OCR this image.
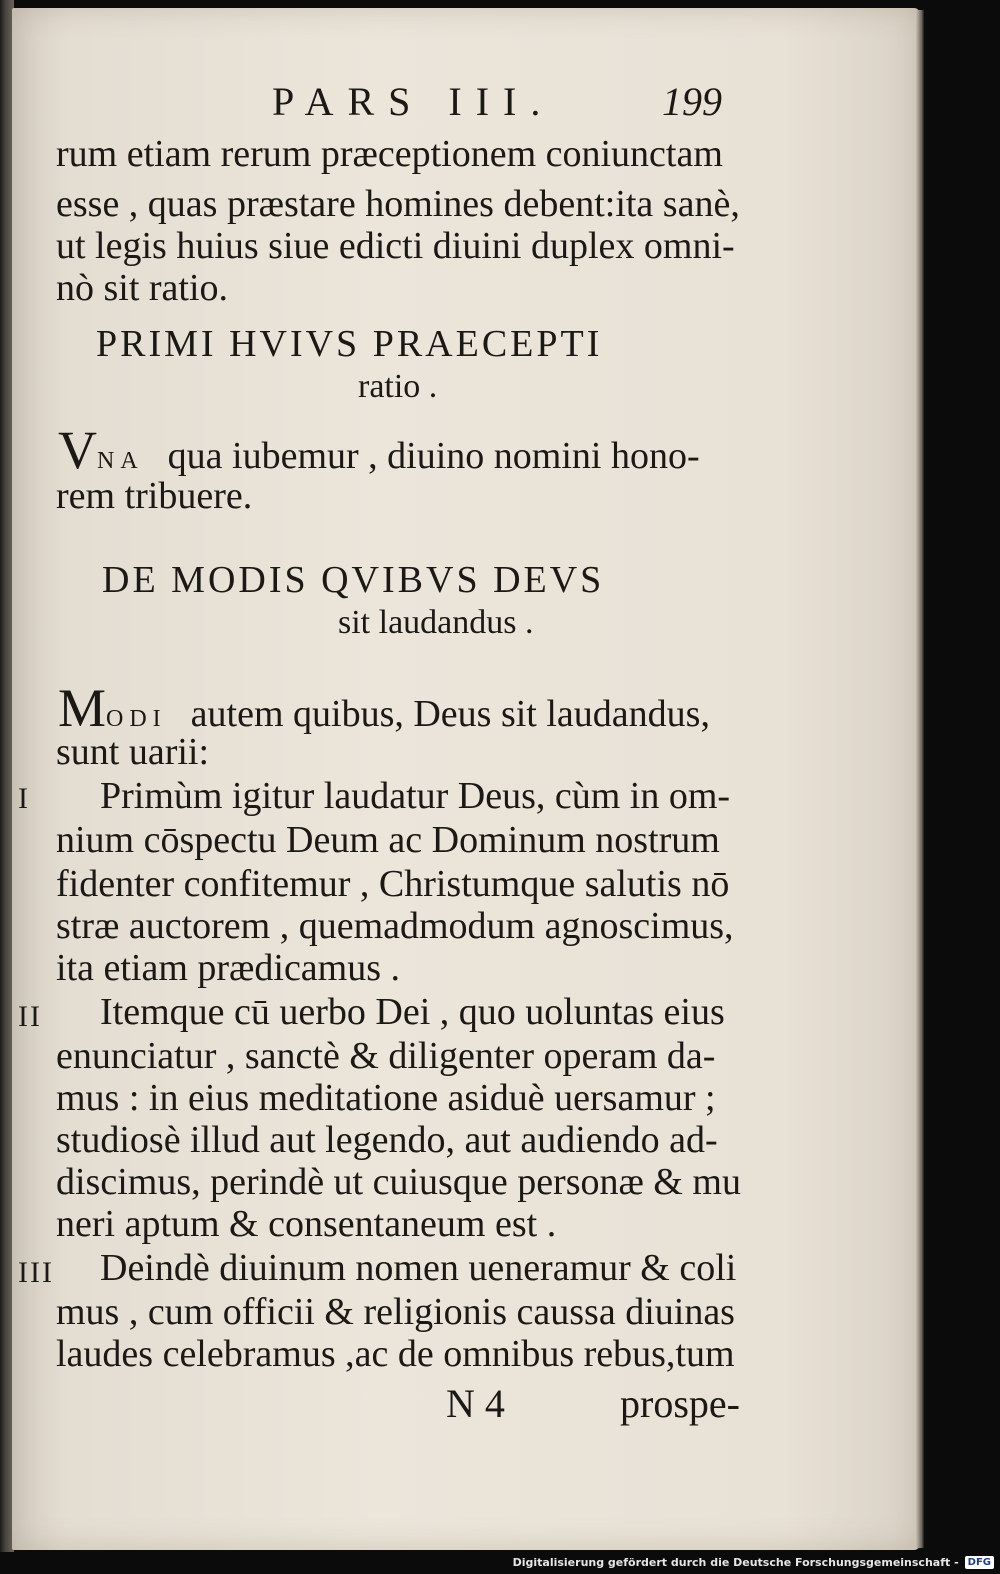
PARS III.	199
rum etiam rerum præceptionem coniunctam
esse , quas præstare homines debent:ita sanè,
ut legis huius siue edicti diuini duplex omni-
nò sit ratio.
PRIMI HVIVS PRAECEPTI
ratio .
VNA qua iubemur , diuino nomini hono-
rem tribuere.
DE MODIS QVIBVS DEVS
sit laudandus .
MODI autem quibus, Deus sit laudandus,
sunt uarii:
I Primùm igitur laudatur Deus, cùm in om-
nium cōspectu Deum ac Dominum nostrum
fidenter confitemur , Christumque salutis nō
stræ auctorem , quemadmodum agnoscimus,
ita etiam prædicamus .
II Itemque cū uerbo Dei , quo uoluntas eius
enunciatur , sanctè & diligenter operam da-
mus : in eius meditatione asiduè uersamur ;
studiosè illud aut legendo, aut audiendo ad-
discimus, perindè ut cuiusque personæ & mu
neri aptum & consentaneum est .
III Deindè diuinum nomen ueneramur & coli
mus , cum officii & religionis caussa diuinas
laudes celebramus ,ac de omnibus rebus,tum
N 4	prospe-
Digitalisierung gefördert durch die Deutsche Forschungsgemeinschaft - DFG
